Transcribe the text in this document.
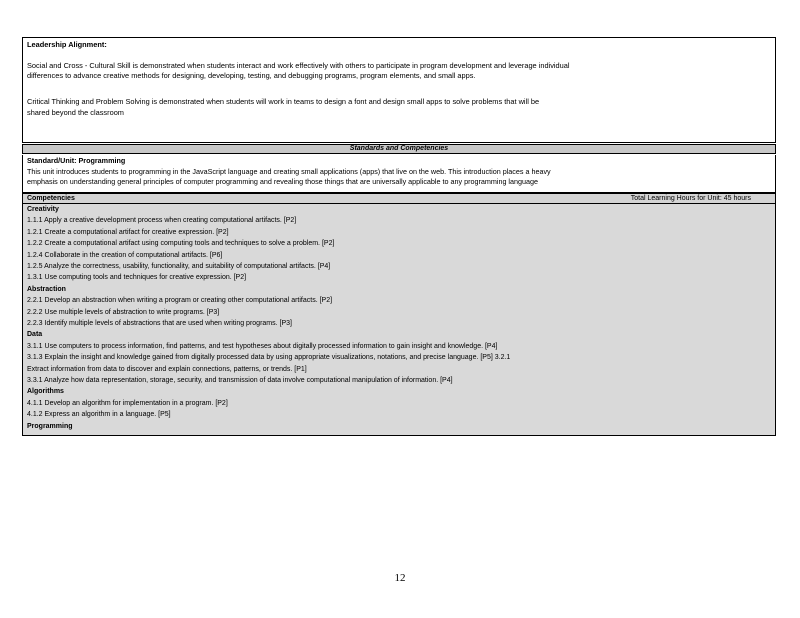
Leadership Alignment:
Social and Cross - Cultural Skill is demonstrated when students interact and work effectively with others to participate in program development and leverage individual
differences to advance creative methods for designing, developing, testing, and debugging programs, program elements, and small apps.
Critical Thinking and Problem Solving is demonstrated when students will work in teams to design a font and design small apps to solve problems that will be
shared beyond the classroom
Standards and Competencies
Standard/Unit: Programming
This unit introduces students to programming in the JavaScript language and creating small applications (apps) that live on the web. This introduction places a heavy
emphasis on understanding general principles of computer programming and revealing those things that are universally applicable to any programming language
Competencies	Total Learning Hours for Unit: 45 hours
Creativity
1.1.1 Apply a creative development process when creating computational artifacts. [P2]
1.2.1 Create a computational artifact for creative expression. [P2]
1.2.2 Create a computational artifact using computing tools and techniques to solve a problem. [P2]
1.2.4 Collaborate in the creation of computational artifacts. [P6]
1.2.5 Analyze the correctness, usability, functionality, and suitability of computational artifacts. [P4]
1.3.1 Use computing tools and techniques for creative expression. [P2]
Abstraction
2.2.1 Develop an abstraction when writing a program or creating other computational artifacts. [P2]
2.2.2 Use multiple levels of abstraction to write programs. [P3]
2.2.3 Identify multiple levels of abstractions that are used when writing programs. [P3]
Data
3.1.1 Use computers to process information, find patterns, and test hypotheses about digitally processed information to gain insight and knowledge. [P4]
3.1.3 Explain the insight and knowledge gained from digitally processed data by using appropriate visualizations, notations, and precise language. [P5] 3.2.1
Extract information from data to discover and explain connections, patterns, or trends. [P1]
3.3.1 Analyze how data representation, storage, security, and transmission of data involve computational manipulation of information. [P4]
Algorithms
4.1.1 Develop an algorithm for implementation in a program. [P2]
4.1.2 Express an algorithm in a language. [P5]
Programming
12
